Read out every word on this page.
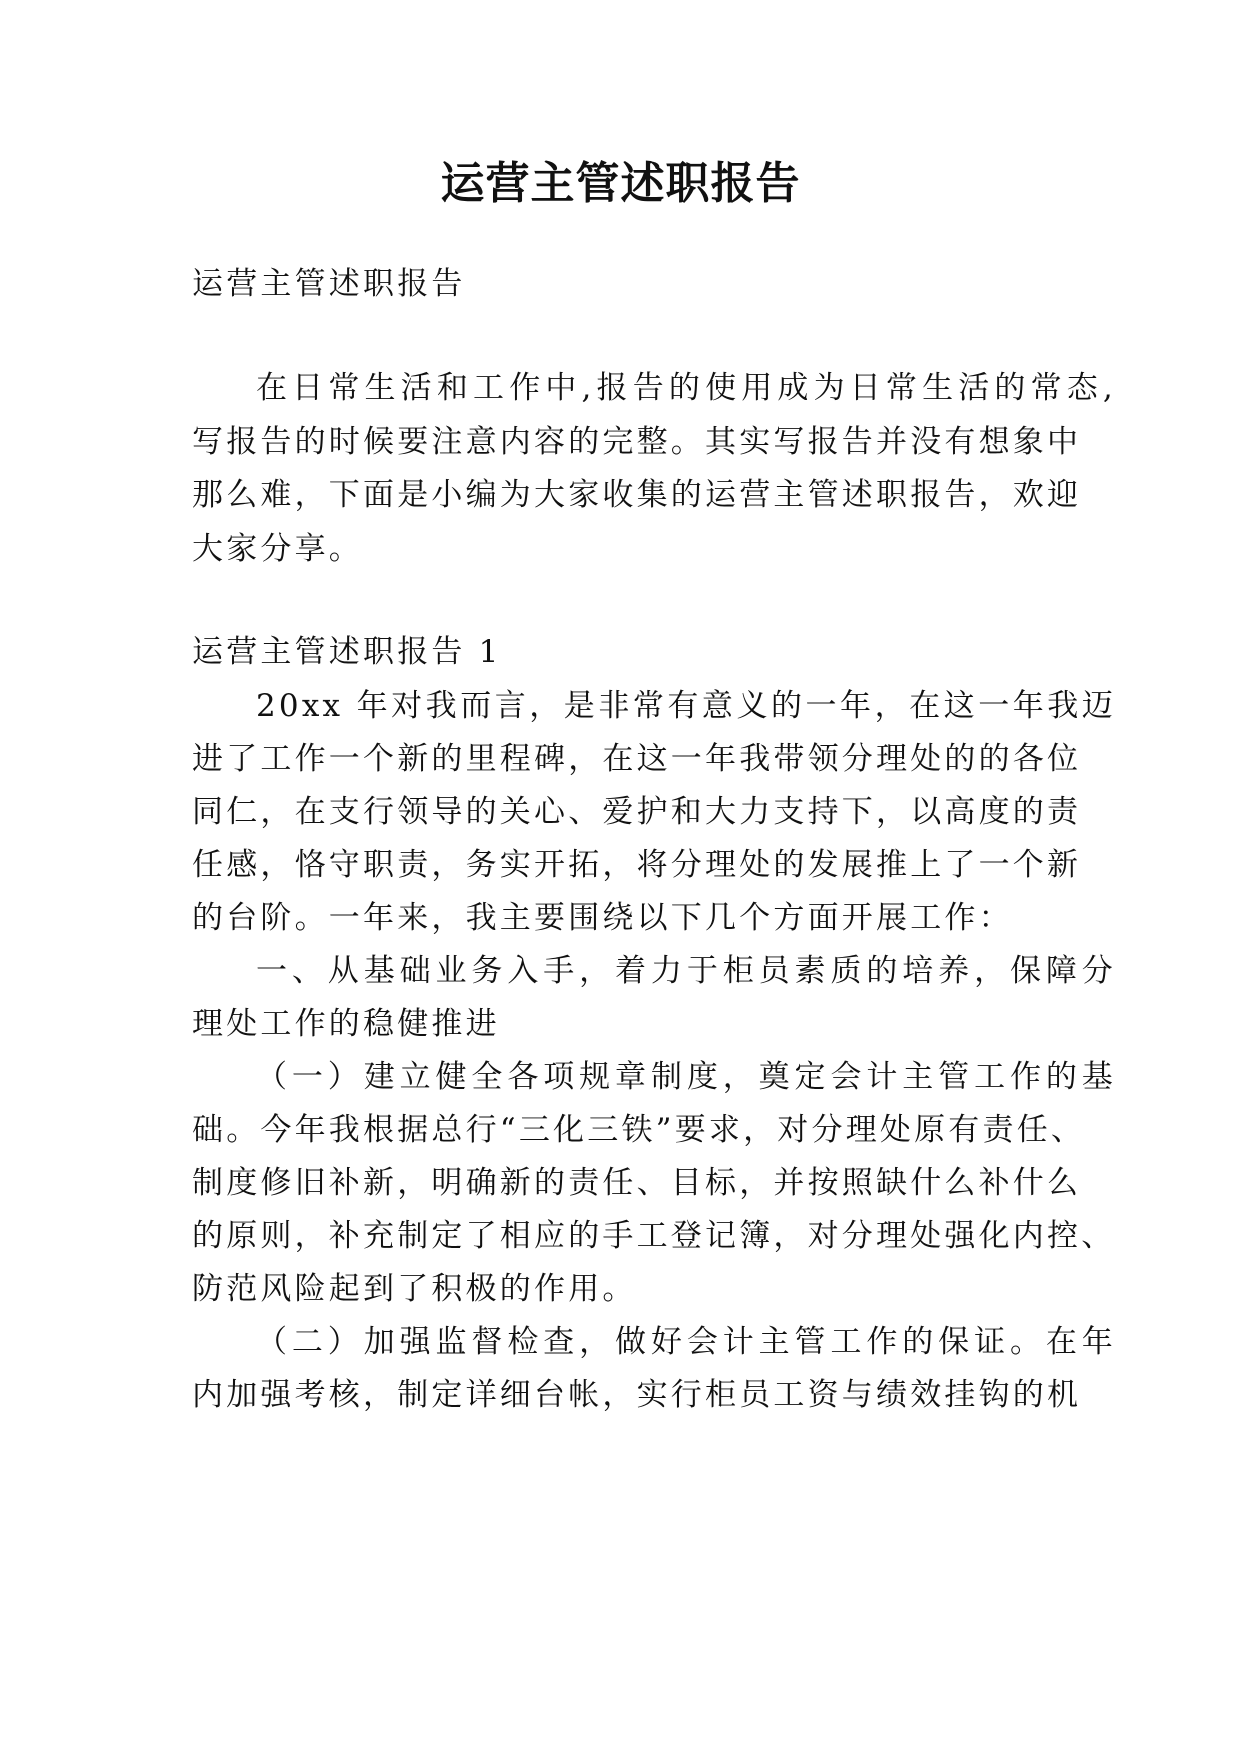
运营主管述职报告
运营主管述职报告
在日常生活和工作中,报告的使用成为日常生活的常态,
写报告的时候要注意内容的完整。其实写报告并没有想象中
那么难，下面是小编为大家收集的运营主管述职报告，欢迎
大家分享。
运营主管述职报告 1
20xx 年对我而言，是非常有意义的一年，在这一年我迈
进了工作一个新的里程碑，在这一年我带领分理处的的各位
同仁，在支行领导的关心、爱护和大力支持下，以高度的责
任感，恪守职责，务实开拓，将分理处的发展推上了一个新
的台阶。一年来，我主要围绕以下几个方面开展工作：
一、从基础业务入手，着力于柜员素质的培养，保障分
理处工作的稳健推进
（一）建立健全各项规章制度，奠定会计主管工作的基
础。今年我根据总行“三化三铁”要求，对分理处原有责任、
制度修旧补新，明确新的责任、目标，并按照缺什么补什么
的原则，补充制定了相应的手工登记簿，对分理处强化内控、
防范风险起到了积极的作用。
（二）加强监督检查，做好会计主管工作的保证。在年
内加强考核，制定详细台帐，实行柜员工资与绩效挂钩的机
